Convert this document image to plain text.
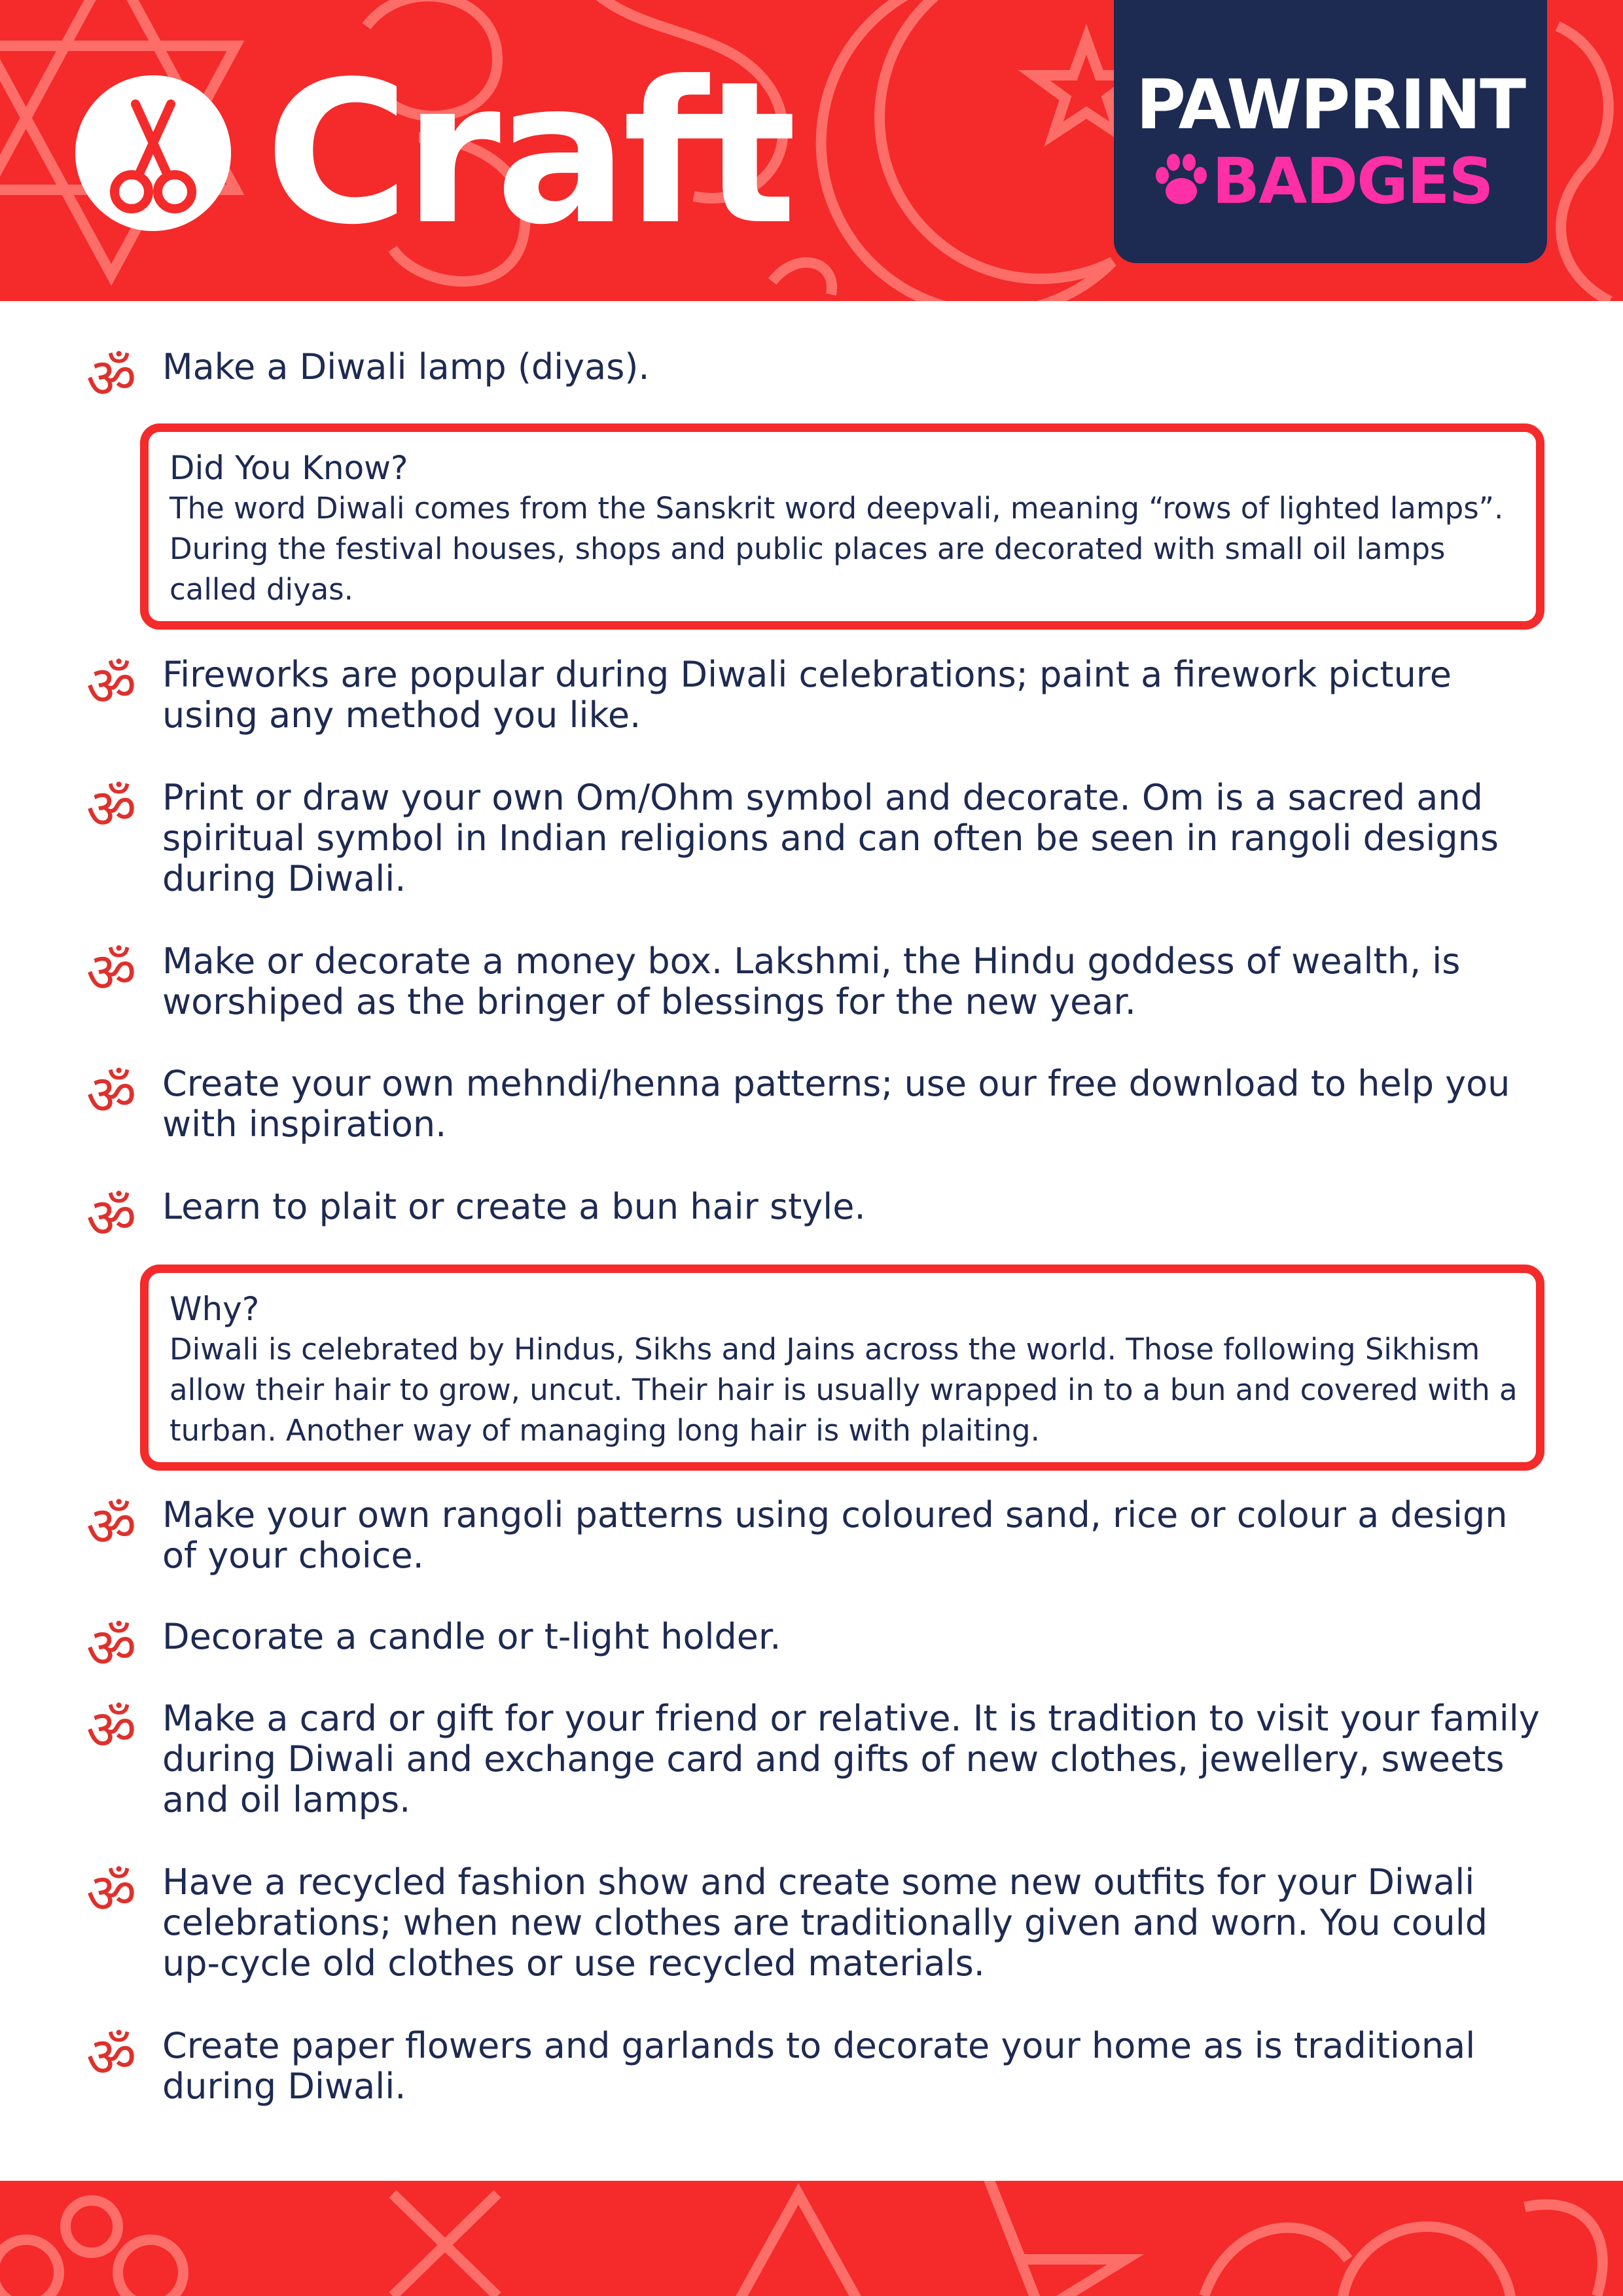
Craft	PAWPRINT
BADGES
ॐ Make a Diwali lamp (diyas).
Did You Know?
The word Diwali comes from the Sanskrit word deepvali, meaning “rows of lighted lamps”. During the festival houses, shops and public places are decorated with small oil lamps called diyas.
ॐ Fireworks are popular during Diwali celebrations; paint a firework picture using any method you like.
ॐ Print or draw your own Om/Ohm symbol and decorate. Om is a sacred and spiritual symbol in Indian religions and can often be seen in rangoli designs during Diwali.
ॐ Make or decorate a money box. Lakshmi, the Hindu goddess of wealth, is worshiped as the bringer of blessings for the new year.
ॐ Create your own mehndi/henna patterns; use our free download to help you with inspiration.
ॐ Learn to plait or create a bun hair style.
Why?
Diwali is celebrated by Hindus, Sikhs and Jains across the world. Those following Sikhism allow their hair to grow, uncut. Their hair is usually wrapped in to a bun and covered with a turban. Another way of managing long hair is with plaiting.
ॐ Make your own rangoli patterns using coloured sand, rice or colour a design of your choice.
ॐ Decorate a candle or t-light holder.
ॐ Make a card or gift for your friend or relative. It is tradition to visit your family during Diwali and exchange card and gifts of new clothes, jewellery, sweets and oil lamps.
ॐ Have a recycled fashion show and create some new outfits for your Diwali celebrations; when new clothes are traditionally given and worn. You could up-cycle old clothes or use recycled materials.
ॐ Create paper flowers and garlands to decorate your home as is traditional during Diwali.
